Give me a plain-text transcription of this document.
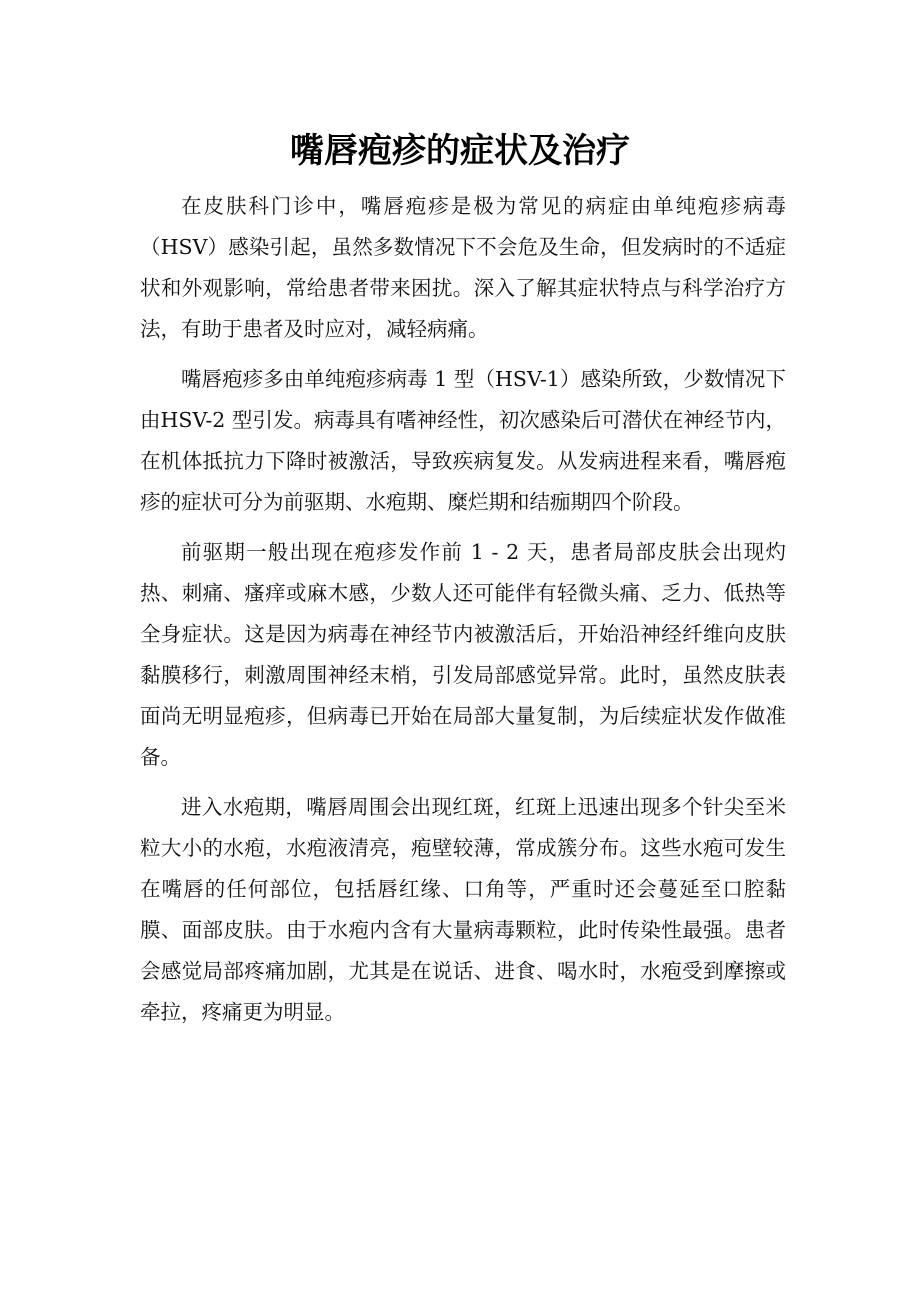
嘴唇疱疹的症状及治疗

在皮肤科门诊中，嘴唇疱疹是极为常见的病症由单纯疱疹病毒（HSV）感染引起，虽然多数情况下不会危及生命，但发病时的不适症状和外观影响，常给患者带来困扰。深入了解其症状特点与科学治疗方法，有助于患者及时应对，减轻病痛。

嘴唇疱疹多由单纯疱疹病毒 1 型（HSV-1）感染所致，少数情况下由HSV-2 型引发。病毒具有嗜神经性，初次感染后可潜伏在神经节内，在机体抵抗力下降时被激活，导致疾病复发。从发病进程来看，嘴唇疱疹的症状可分为前驱期、水疱期、糜烂期和结痂期四个阶段。

前驱期一般出现在疱疹发作前 1 - 2 天，患者局部皮肤会出现灼热、刺痛、瘙痒或麻木感，少数人还可能伴有轻微头痛、乏力、低热等全身症状。这是因为病毒在神经节内被激活后，开始沿神经纤维向皮肤黏膜移行，刺激周围神经末梢，引发局部感觉异常。此时，虽然皮肤表面尚无明显疱疹，但病毒已开始在局部大量复制，为后续症状发作做准备。

进入水疱期，嘴唇周围会出现红斑，红斑上迅速出现多个针尖至米粒大小的水疱，水疱液清亮，疱壁较薄，常成簇分布。这些水疱可发生在嘴唇的任何部位，包括唇红缘、口角等，严重时还会蔓延至口腔黏膜、面部皮肤。由于水疱内含有大量病毒颗粒，此时传染性最强。患者会感觉局部疼痛加剧，尤其是在说话、进食、喝水时，水疱受到摩擦或牵拉，疼痛更为明显。
